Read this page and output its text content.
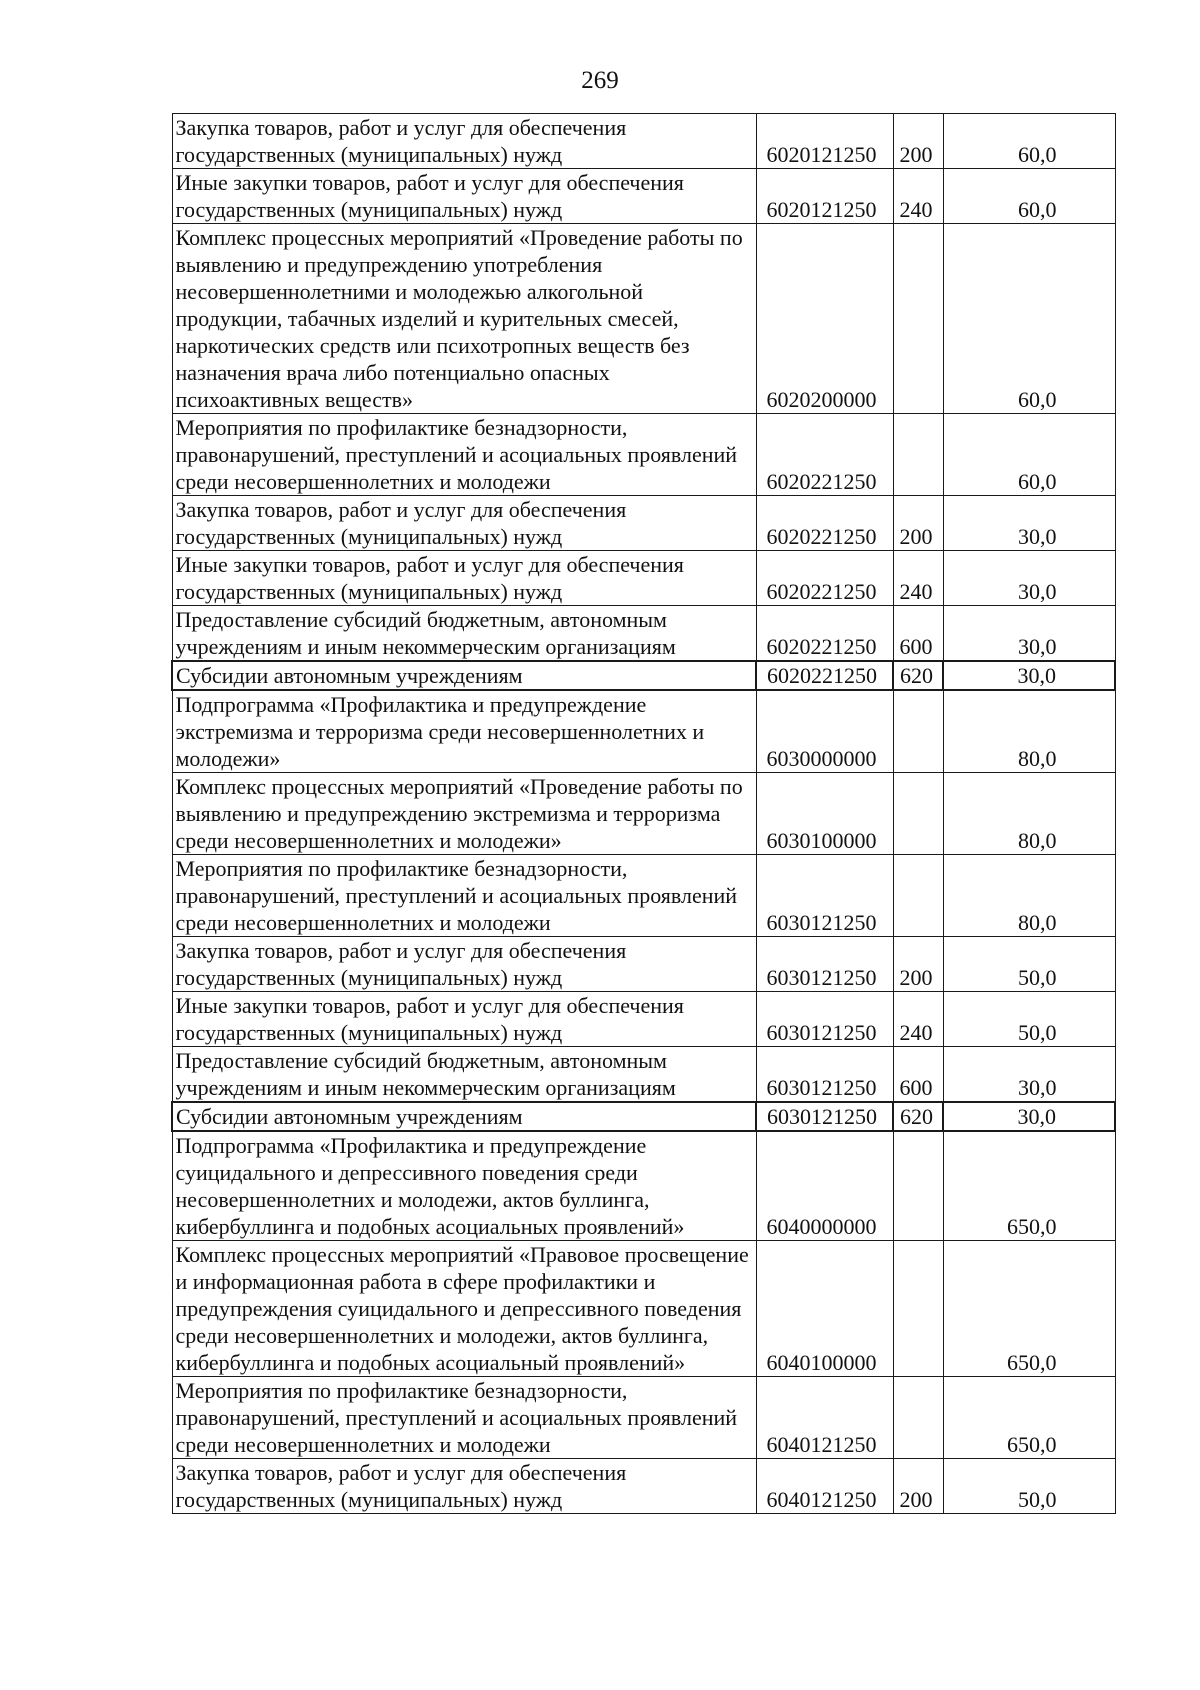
269
Закупка товаров, работ и услуг для обеспечения государственных (муниципальных) нужд	6020121250	200	60,0
Иные закупки товаров, работ и услуг для обеспечения государственных (муниципальных) нужд	6020121250	240	60,0
Комплекс процессных мероприятий «Проведение работы по выявлению и предупреждению употребления несовершеннолетними и молодежью алкогольной продукции, табачных изделий и курительных смесей, наркотических средств или психотропных веществ без назначения врача либо потенциально опасных психоактивных веществ»	6020200000		60,0
Мероприятия по профилактике безнадзорности, правонарушений, преступлений и асоциальных проявлений среди несовершеннолетних и молодежи	6020221250		60,0
Закупка товаров, работ и услуг для обеспечения государственных (муниципальных) нужд	6020221250	200	30,0
Иные закупки товаров, работ и услуг для обеспечения государственных (муниципальных) нужд	6020221250	240	30,0
Предоставление субсидий бюджетным, автономным учреждениям и иным некоммерческим организациям	6020221250	600	30,0
Субсидии автономным учреждениям	6020221250	620	30,0
Подпрограмма «Профилактика и предупреждение экстремизма и терроризма среди несовершеннолетних и молодежи»	6030000000		80,0
Комплекс процессных мероприятий «Проведение работы по выявлению и предупреждению экстремизма и терроризма среди несовершеннолетних и молодежи»	6030100000		80,0
Мероприятия по профилактике безнадзорности, правонарушений, преступлений и асоциальных проявлений среди несовершеннолетних и молодежи	6030121250		80,0
Закупка товаров, работ и услуг для обеспечения государственных (муниципальных) нужд	6030121250	200	50,0
Иные закупки товаров, работ и услуг для обеспечения государственных (муниципальных) нужд	6030121250	240	50,0
Предоставление субсидий бюджетным, автономным учреждениям и иным некоммерческим организациям	6030121250	600	30,0
Субсидии автономным учреждениям	6030121250	620	30,0
Подпрограмма «Профилактика и предупреждение суицидального и депрессивного поведения среди несовершеннолетних и молодежи, актов буллинга, кибербуллинга и подобных асоциальных проявлений»	6040000000		650,0
Комплекс процессных мероприятий «Правовое просвещение и информационная работа в сфере профилактики и предупреждения суицидального и депрессивного поведения среди несовершеннолетних и молодежи, актов буллинга, кибербуллинга и подобных асоциальный проявлений»	6040100000		650,0
Мероприятия по профилактике безнадзорности, правонарушений, преступлений и асоциальных проявлений среди несовершеннолетних и молодежи	6040121250		650,0
Закупка товаров, работ и услуг для обеспечения государственных (муниципальных) нужд	6040121250	200	50,0
